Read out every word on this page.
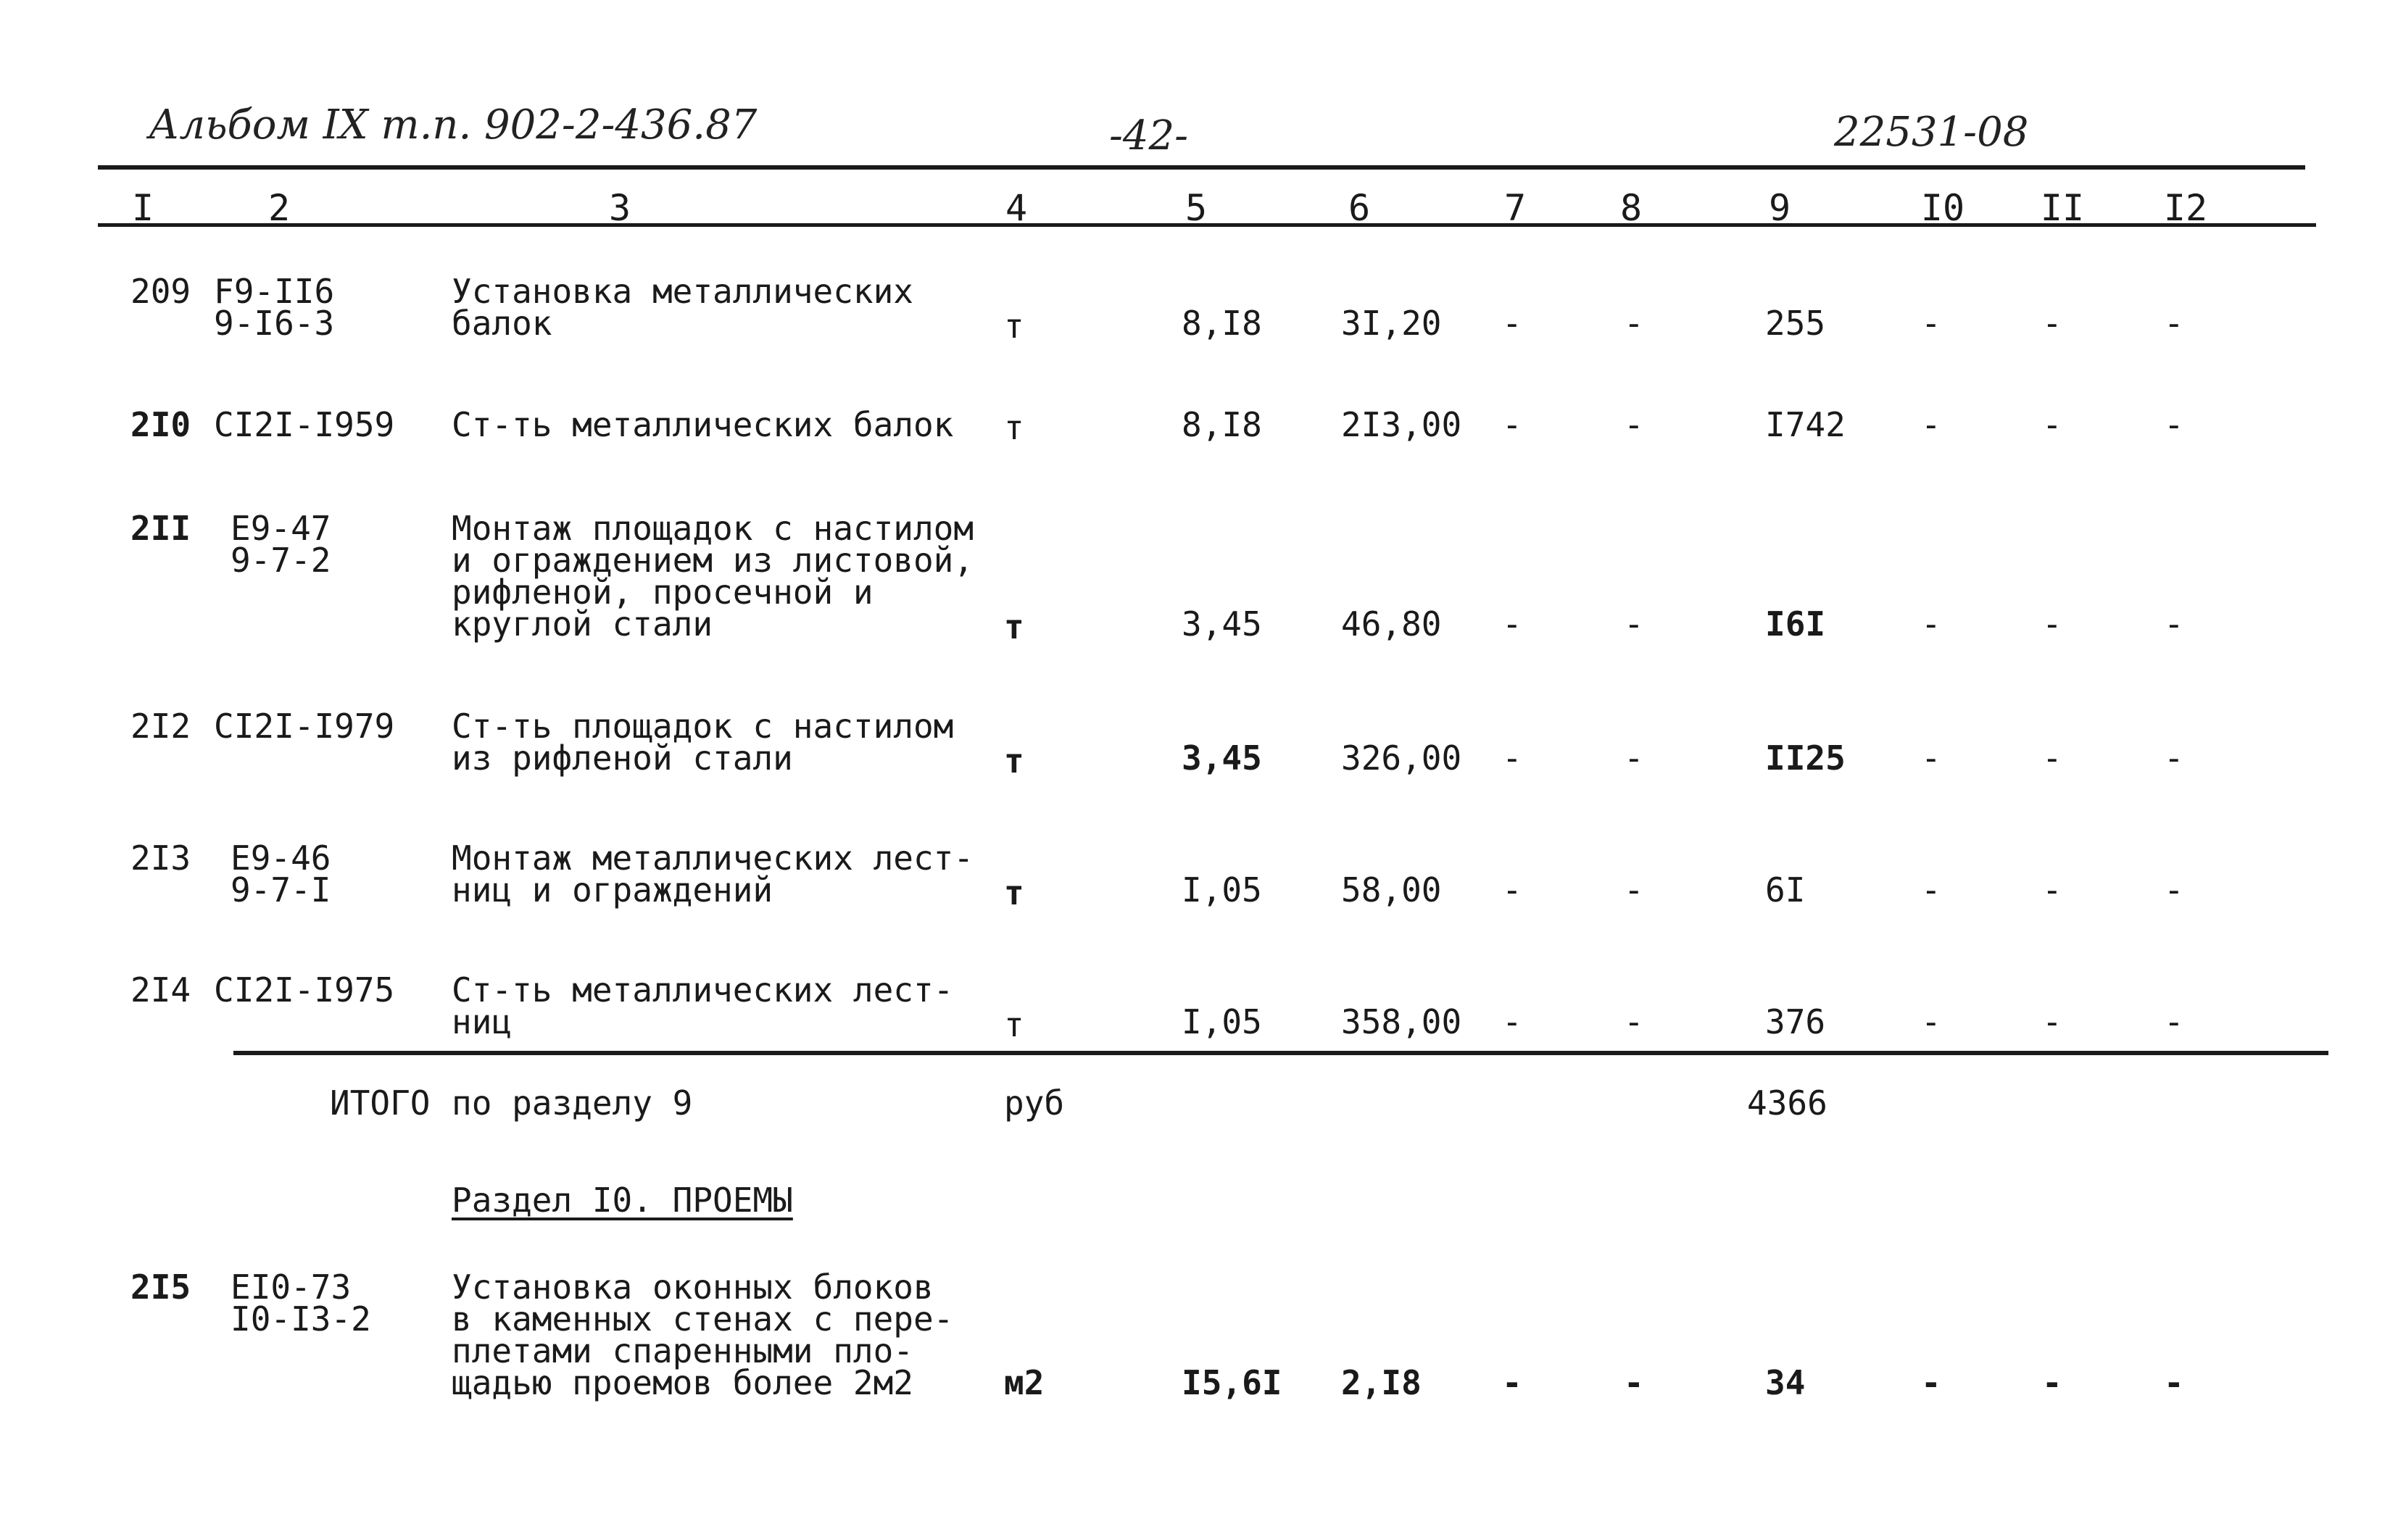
Альбом IX т.п. 902-2-436.87	-42-	22531-08
I	2	3	4	5	6	7	8	9	I0	II	I2
209 F9-II6
9-I6-3
Установка металлических
балок	т	8,I8 3I,20 -	-	255	-	-	-
2I0 CI2I-I959 Ст-ть металлических балок т	8,I8 2I3,00 -	-	I742 -	-	-
2II	E9-47
9-7-2
Монтаж площадок с настилом
и ограждением из листовой,
рифленой, просечной и
круглой стали	т	3,45 46,80 -	-	I6I	-	-	-
2I2 CI2I-I979 Ст-ть площадок с настилом
из рифленой стали	т	3,45 326,00 -	-	II25 -	-	-
2I3	E9-46
9-7-I
Монтаж металлических лест-
ниц и ограждений	т	I,05 58,00 -	-	6I	-	-	-
2I4 CI2I-I975 Ст-ть металлических лест-
ниц	т	I,05 358,00 -	-	376	-	-	-
ИТОГО по разделу 9	руб	4366
Раздел I0. ПРОЕМЫ
2I5	EI0-73
I0-I3-2
Установка оконных блоков
в каменных стенах с пере-
плетами спаренными пло-
щадью проемов более 2м2	м2	I5,6I 2,I8 -	-	34	-	-	-
